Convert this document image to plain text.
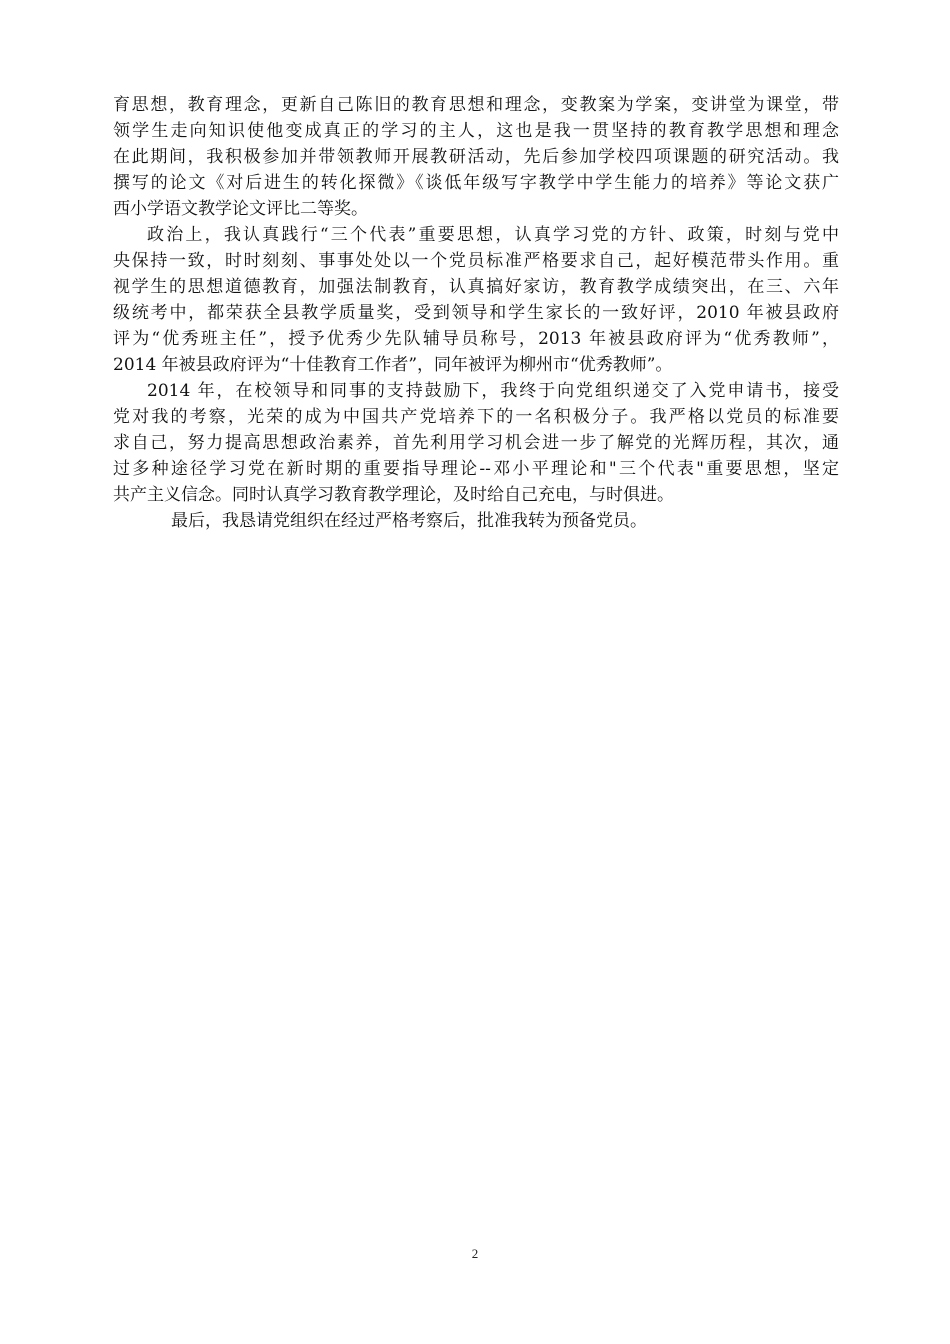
育思想，教育理念，更新自己陈旧的教育思想和理念，变教案为学案，变讲堂为课堂，带
领学生走向知识使他变成真正的学习的主人，这也是我一贯坚持的教育教学思想和理念
在此期间，我积极参加并带领教师开展教研活动，先后参加学校四项课题的研究活动。我
撰写的论文《对后进生的转化探微》《谈低年级写字教学中学生能力的培养》等论文获广
西小学语文教学论文评比二等奖。
政治上，我认真践行“三个代表”重要思想，认真学习党的方针、政策，时刻与党中
央保持一致，时时刻刻、事事处处以一个党员标准严格要求自己，起好模范带头作用。重
视学生的思想道德教育，加强法制教育，认真搞好家访，教育教学成绩突出，在三、六年
级统考中，都荣获全县教学质量奖，受到领导和学生家长的一致好评，2010 年被县政府
评为“优秀班主任”，授予优秀少先队辅导员称号，2013 年被县政府评为“优秀教师”，
2014 年被县政府评为“十佳教育工作者”，同年被评为柳州市“优秀教师”。
2014 年，在校领导和同事的支持鼓励下，我终于向党组织递交了入党申请书，接受
党对我的考察，光荣的成为中国共产党培养下的一名积极分子。我严格以党员的标准要
求自己，努力提高思想政治素养，首先利用学习机会进一步了解党的光辉历程，其次，通
过多种途径学习党在新时期的重要指导理论--邓小平理论和"三个代表"重要思想，坚定
共产主义信念。同时认真学习教育教学理论，及时给自己充电，与时俱进。
最后，我恳请党组织在经过严格考察后，批准我转为预备党员。
2
